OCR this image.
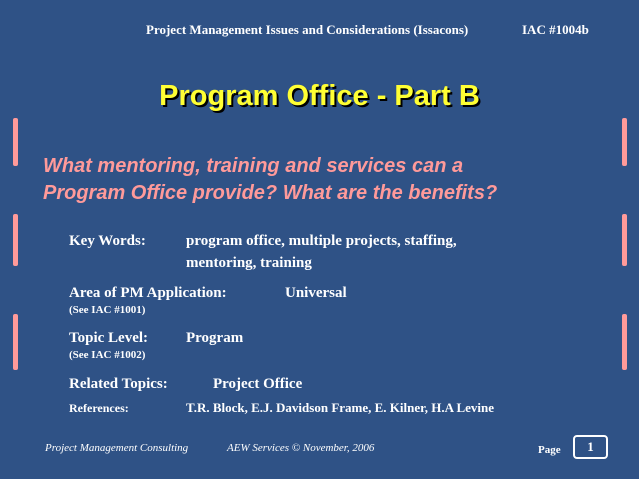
Project Management Issues and Considerations (Issacons)	IAC #1004b
Program Office - Part B
What mentoring, training and services can a
Program Office provide? What are the benefits?
Key Words:	program office, multiple projects, staffing,
mentoring, training
Area of PM Application:	Universal
(See IAC #1001)
Topic Level:	Program
(See IAC #1002)
Related Topics:	Project Office
References:	T.R. Block, E.J. Davidson Frame, E. Kilner, H.A Levine
Project Management Consulting	AEW Services © November, 2006	Page	1
